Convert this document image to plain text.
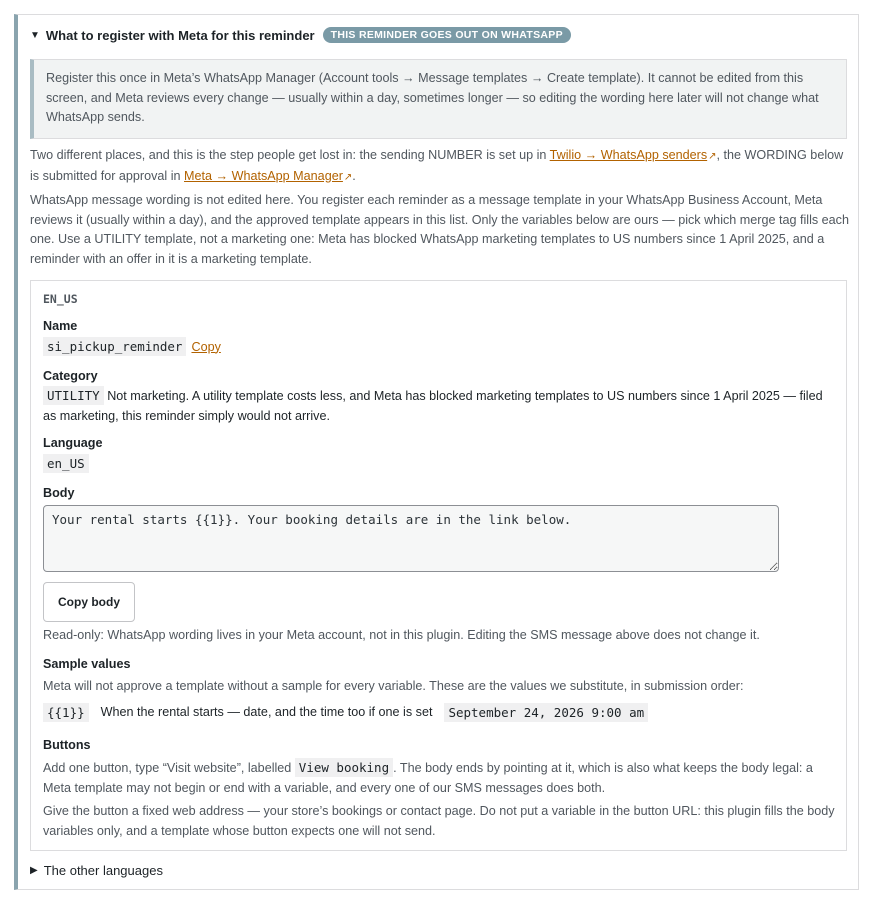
▼ What to register with Meta for this reminder	THIS REMINDER GOES OUT ON WHATSAPP
Register this once in Meta’s WhatsApp Manager (Account tools → Message templates → Create template). It cannot be edited from this screen, and Meta reviews every change — usually within a day, sometimes longer — so editing the wording here later will not change what WhatsApp sends.
Two different places, and this is the step people get lost in: the sending NUMBER is set up in Twilio → WhatsApp senders↗, the WORDING below is submitted for approval in Meta → WhatsApp Manager↗.
WhatsApp message wording is not edited here. You register each reminder as a message template in your WhatsApp Business Account, Meta reviews it (usually within a day), and the approved template appears in this list. Only the variables below are ours — pick which merge tag fills each one. Use a UTILITY template, not a marketing one: Meta has blocked WhatsApp marketing templates to US numbers since 1 April 2025, and a reminder with an offer in it is a marketing template.
EN_US
Name
si_pickup_reminder Copy
Category
UTILITY Not marketing. A utility template costs less, and Meta has blocked marketing templates to US numbers since 1 April 2025 — filed as marketing, this reminder simply would not arrive.
Language
en_US
Body
Your rental starts {{1}}. Your booking details are in the link below.
Copy body
Read-only: WhatsApp wording lives in your Meta account, not in this plugin. Editing the SMS message above does not change it.
Sample values
Meta will not approve a template without a sample for every variable. These are the values we substitute, in submission order:
{{1}}	When the rental starts — date, and the time too if one is set	September 24, 2026 9:00 am
Buttons
Add one button, type “Visit website”, labelled View booking . The body ends by pointing at it, which is also what keeps the body legal: a Meta template may not begin or end with a variable, and every one of our SMS messages does both.
Give the button a fixed web address — your store’s bookings or contact page. Do not put a variable in the button URL: this plugin fills the body variables only, and a template whose button expects one will not send.
▶ The other languages
